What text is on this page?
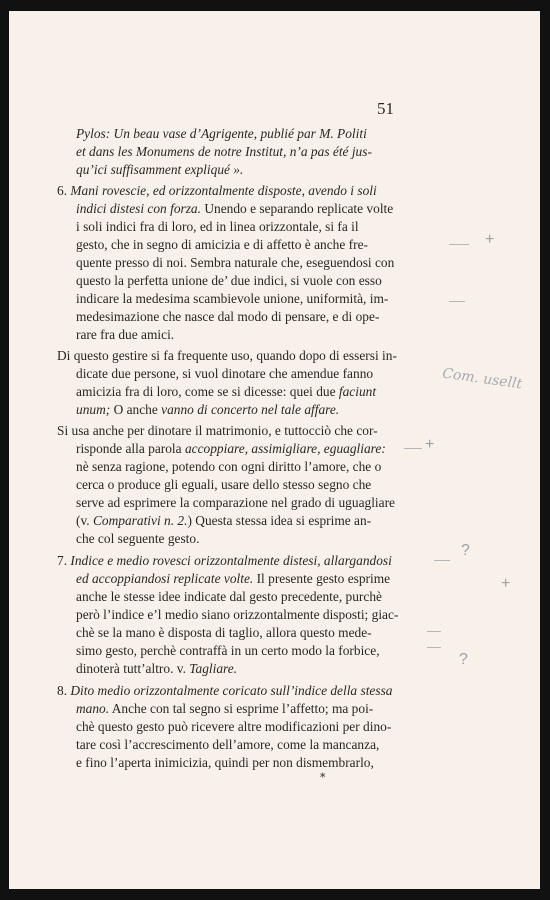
51
Pylos: Un beau vase d’Agrigente, publié par M. Politi
et dans les Monumens de notre Institut, n’a pas été jus-
qu’ici suffisamment expliqué ».
6. Mani rovescie, ed orizzontalmente disposte, avendo i soli
indici distesi con forza. Unendo e separando replicate volte
i soli indici fra di loro, ed in linea orizzontale, si fa il
gesto, che in segno di amicizia e di affetto è anche fre-
quente presso di noi. Sembra naturale che, eseguendosi con
questo la perfetta unione de’ due indici, si vuole con esso
indicare la medesima scambievole unione, uniformità, im-
medesimazione che nasce dal modo di pensare, e di ope-
rare fra due amici.
Di questo gestire si fa frequente uso, quando dopo di essersi in-
dicate due persone, si vuol dinotare che amendue fanno
amicizia fra di loro, come se si dicesse: quei due faciunt
unum; O anche vanno di concerto nel tale affare.
Si usa anche per dinotare il matrimonio, e tuttocciò che cor-
risponde alla parola accoppiare, assimigliare, eguagliare:
nè senza ragione, potendo con ogni diritto l’amore, che o
cerca o produce gli eguali, usare dello stesso segno che
serve ad esprimere la comparazione nel grado di uguagliare
(v. Comparativi n. 2.) Questa stessa idea si esprime an-
che col seguente gesto.
7. Indice e medio rovesci orizzontalmente distesi, allargandosi
ed accoppiandosi replicate volte. Il presente gesto esprime
anche le stesse idee indicate dal gesto precedente, purchè
però l’indice e’l medio siano orizzontalmente disposti; giac-
chè se la mano è disposta di taglio, allora questo mede-
simo gesto, perchè contraffà in un certo modo la forbice,
dinoterà tutt’altro. v. Tagliare.
8. Dito medio orizzontalmente coricato sull’indice della stessa
mano. Anche con tal segno si esprime l’affetto; ma poi-
chè questo gesto può ricevere altre modificazioni per dino-
tare così l’accrescimento dell’amore, come la mancanza,
e fino l’aperta inimicizia, quindi per non dismembrarlo,
*
+
Com. usellt
+
?
+
?
